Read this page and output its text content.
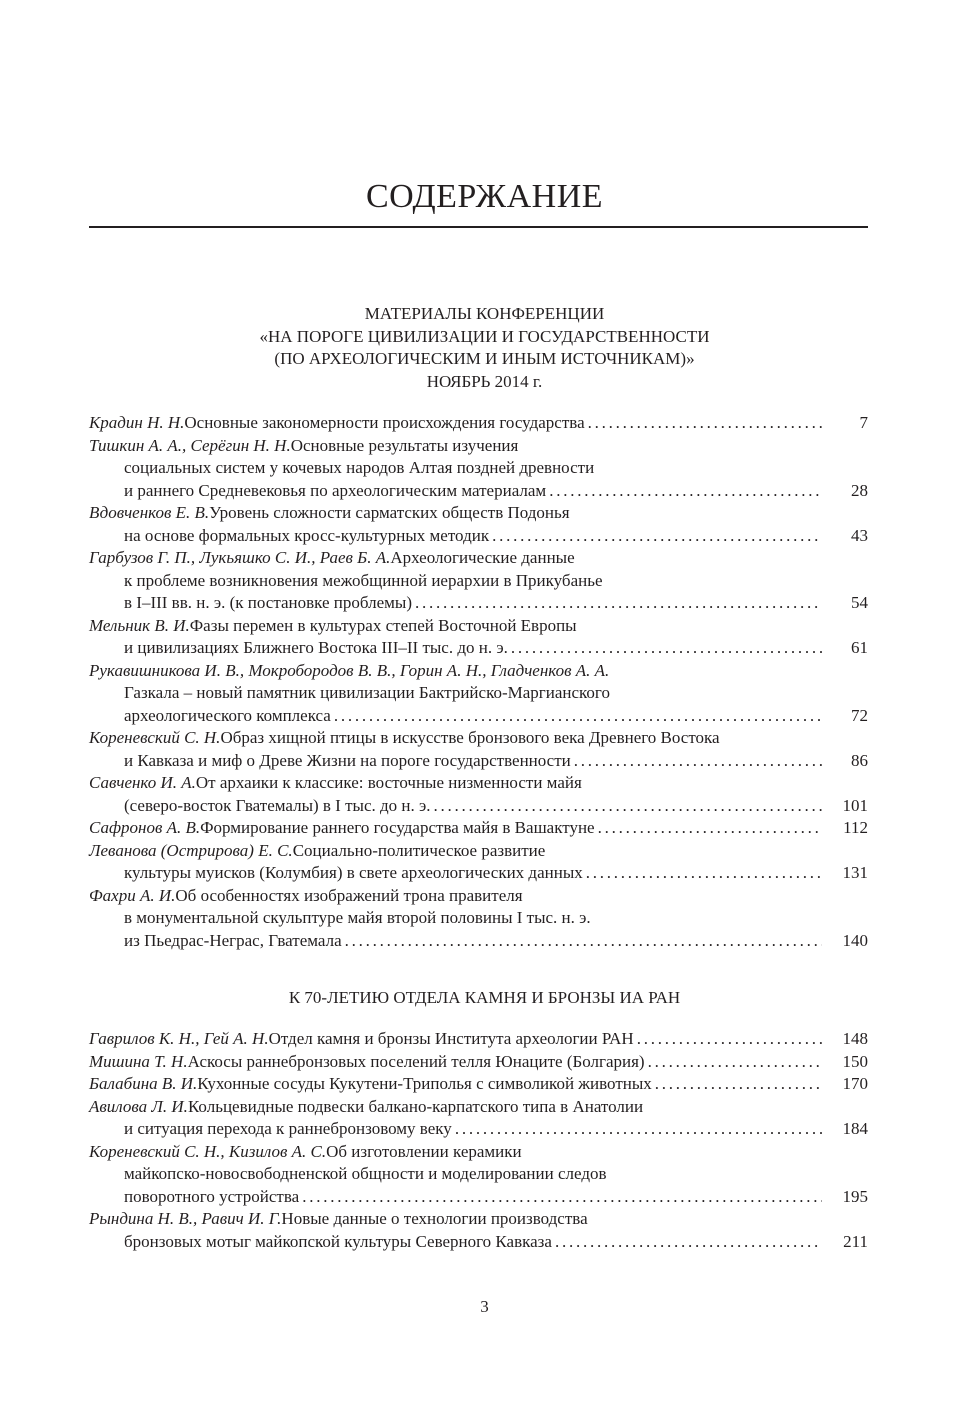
СОДЕРЖАНИЕ
МАТЕРИАЛЫ КОНФЕРЕНЦИИ
«НА ПОРОГЕ ЦИВИЛИЗАЦИИ И ГОСУДАРСТВЕННОСТИ
(ПО АРХЕОЛОГИЧЕСКИМ И ИНЫМ ИСТОЧНИКАМ)»
НОЯБРЬ 2014 г.
Крадин Н. Н. Основные закономерности происхождения государства . . .	7
Тишкин А. А., Серёгин Н. Н. Основные результаты изучения
социальных систем у кочевых народов Алтая поздней древности
и раннего Средневековья по археологическим материалам . . .	28
Вдовченков Е. В. Уровень сложности сарматских обществ Подонья
на основе формальных кросс-культурных методик . . .	43
Гарбузов Г. П., Лукьяшко С. И., Раев Б. А. Археологические данные
к проблеме возникновения межобщинной иерархии в Прикубанье
в I–III вв. н. э. (к постановке проблемы) . . .	54
Мельник В. И. Фазы перемен в культурах степей Восточной Европы
и цивилизациях Ближнего Востока III–II тыс. до н. э. . . .	61
Рукавишникова И. В., Мокробородов В. В., Горин А. Н., Гладченков А. А.
Газкала – новый памятник цивилизации Бактрийско-Маргианского
археологического комплекса . . .	72
Кореневский С. Н. Образ хищной птицы в искусстве бронзового века Древнего Востока
и Кавказа и миф о Древе Жизни на пороге государственности . . .	86
Савченко И. А. От архаики к классике: восточные низменности майя
(северо-восток Гватемалы) в I тыс. до н. э. . . .	101
Сафронов А. В. Формирование раннего государства майя в Вашактуне . . .	112
Леванова (Острирова) Е. С. Социально-политическое развитие
культуры муисков (Колумбия) в свете археологических данных . . .	131
Фахри А. И. Об особенностях изображений трона правителя
в монументальной скульптуре майя второй половины I тыс. н. э.
из Пьедрас-Неграс, Гватемала . . .	140
К 70-ЛЕТИЮ ОТДЕЛА КАМНЯ И БРОНЗЫ ИА РАН
Гаврилов К. Н., Гей А. Н. Отдел камня и бронзы Института археологии РАН . . .	148
Мишина Т. Н. Аскосы раннебронзовых поселений телля Юнаците (Болгария) . . .	150
Балабина В. И. Кухонные сосуды Кукутени-Триполья с символикой животных . . .	170
Авилова Л. И. Кольцевидные подвески балкано-карпатского типа в Анатолии
и ситуация перехода к раннебронзовому веку . . .	184
Кореневский С. Н., Кизилов А. С. Об изготовлении керамики
майкопско-новосвободненской общности и моделировании следов
поворотного устройства . . .	195
Рындина Н. В., Равич И. Г. Новые данные о технологии производства
бронзовых мотыг майкопской культуры Северного Кавказа . . .	211
3
